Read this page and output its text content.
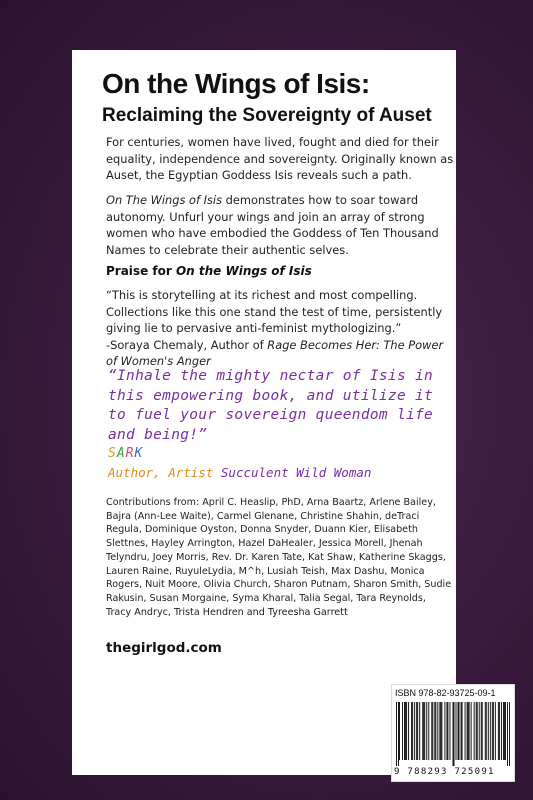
On the Wings of Isis:
Reclaiming the Sovereignty of Auset
For centuries, women have lived, fought and died for their equality, independence and sovereignty. Originally known as Auset, the Egyptian Goddess Isis reveals such a path.
On The Wings of Isis demonstrates how to soar toward autonomy. Unfurl your wings and join an array of strong women who have embodied the Goddess of Ten Thousand Names to celebrate their authentic selves.
Praise for On the Wings of Isis
“This is storytelling at its richest and most compelling. Collections like this one stand the test of time, persistently giving lie to pervasive anti-feminist mythologizing.”
-Soraya Chemaly, Author of Rage Becomes Her: The Power of Women's Anger
“Inhale the mighty nectar of Isis in this empowering book, and utilize it to fuel your sovereign queendom life and being!”
SARK
Author, Artist Succulent Wild Woman
Contributions from: April C. Heaslip, PhD, Arna Baartz, Arlene Bailey, Bajra (Ann-Lee Waite), Carmel Glenane, Christine Shahin, deTraci Regula, Dominique Oyston, Donna Snyder, Duann Kier, Elisabeth Slettnes, Hayley Arrington, Hazel DaHealer, Jessica Morell, Jhenah Telyndru, Joey Morris, Rev. Dr. Karen Tate, Kat Shaw, Katherine Skaggs, Lauren Raine, RuyuleLydia, M^h, Lusiah Teish, Max Dashu, Monica Rogers, Nuit Moore, Olivia Church, Sharon Putnam, Sharon Smith, Sudie Rakusin, Susan Morgaine, Syma Kharal, Talia Segal, Tara Reynolds, Tracy Andryc, Trista Hendren and Tyreesha Garrett
thegirlgod.com
ISBN 978-82-93725-09-1
9 788293 725091
